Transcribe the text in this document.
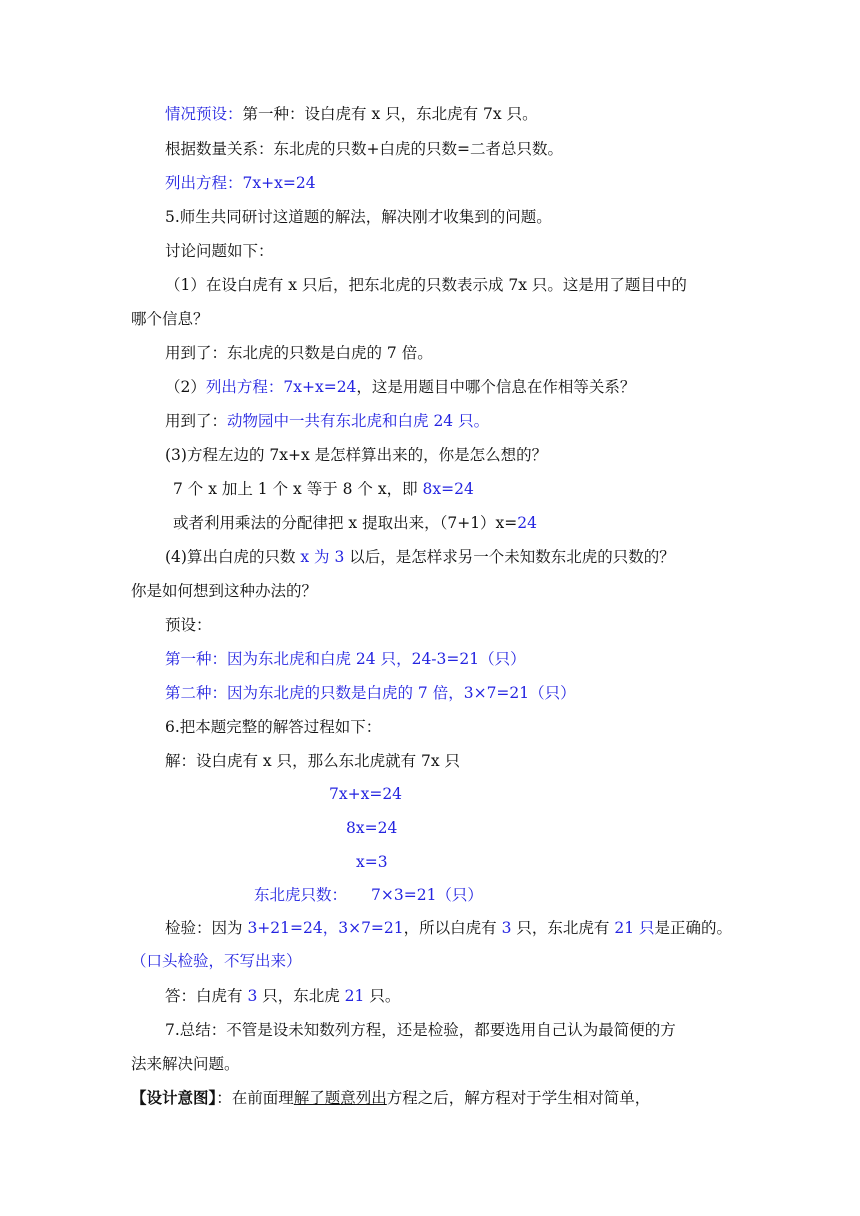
情况预设：第一种：设白虎有 x 只，东北虎有 7x 只。
根据数量关系：东北虎的只数+白虎的只数=二者总只数。
列出方程：7x+x=24
5.师生共同研讨这道题的解法，解决刚才收集到的问题。
讨论问题如下：
（1）在设白虎有 x 只后，把东北虎的只数表示成 7x 只。这是用了题目中的
哪个信息？
用到了：东北虎的只数是白虎的 7 倍。
（2）列出方程：7x+x=24，这是用题目中哪个信息在作相等关系？
用到了：动物园中一共有东北虎和白虎 24 只。
(3)方程左边的 7x+x 是怎样算出来的，你是怎么想的？
7 个 x 加上 1 个 x 等于 8 个 x，即 8x=24
或者利用乘法的分配律把 x 提取出来，（7+1）x=24
(4)算出白虎的只数 x 为 3 以后，是怎样求另一个未知数东北虎的只数的？
你是如何想到这种办法的？
预设：
第一种：因为东北虎和白虎 24 只，24-3=21（只）
第二种：因为东北虎的只数是白虎的 7 倍，3×7=21（只）
6.把本题完整的解答过程如下：
解：设白虎有 x 只，那么东北虎就有 7x 只
7x+x=24
8x=24
x=3
东北虎只数： 7×3=21（只）
检验：因为 3+21=24，3×7=21，所以白虎有 3 只，东北虎有 21 只是正确的。
（口头检验，不写出来）
答：白虎有 3 只，东北虎 21 只。
7.总结：不管是设未知数列方程，还是检验，都要选用自己认为最简便的方
法来解决问题。
【设计意图】：在前面理解了题意列出方程之后，解方程对于学生相对简单，
